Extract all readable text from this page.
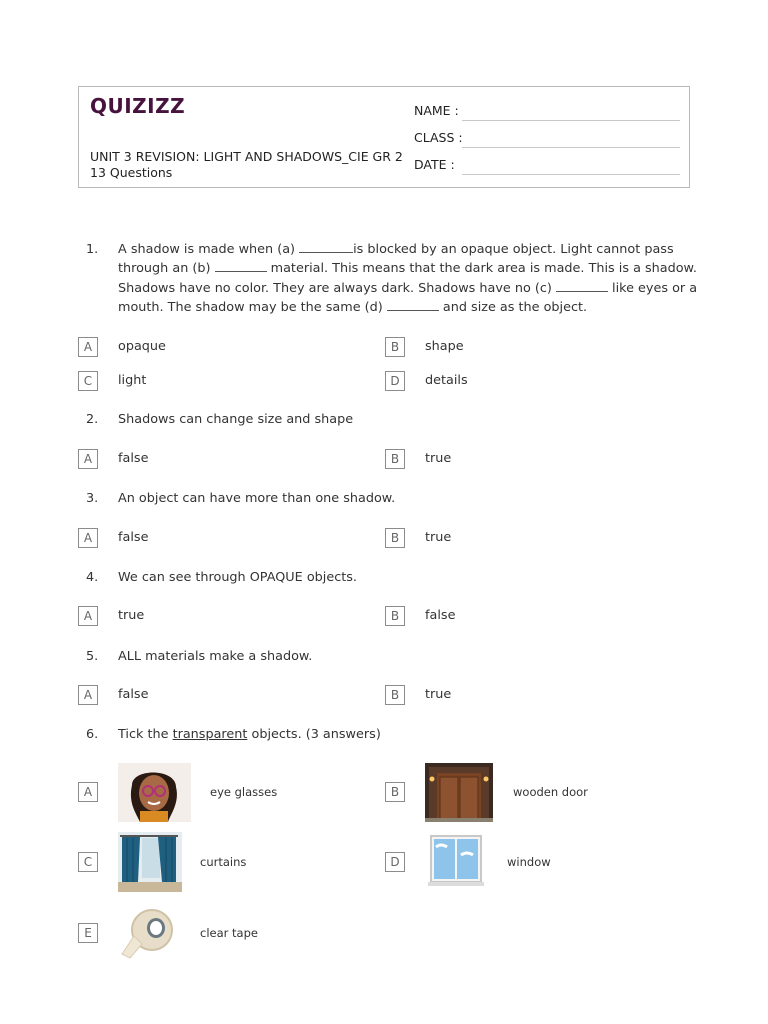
QUIZIZZ
UNIT 3 REVISION: LIGHT AND SHADOWS_CIE GR 2
13 Questions
NAME :
CLASS :
DATE :
1. A shadow is made when (a)	is blocked by an opaque object. Light cannot pass
through an (b)	material. This means that the dark area is made. This is a shadow.
Shadows have no color. They are always dark. Shadows have no (c)	like eyes or a
mouth. The shadow may be the same (d)	and size as the object.
A	opaque	B	shape
C	light	D	details
2. Shadows can change size and shape
A	false	B	true
3. An object can have more than one shadow.
A	false	B	true
4. We can see through OPAQUE objects.
A	true	B	false
5. ALL materials make a shadow.
A	false	B	true
6. Tick the transparent objects. (3 answers)
A	eye glasses	B	wooden door
C	curtains	D	window
E	clear tape
